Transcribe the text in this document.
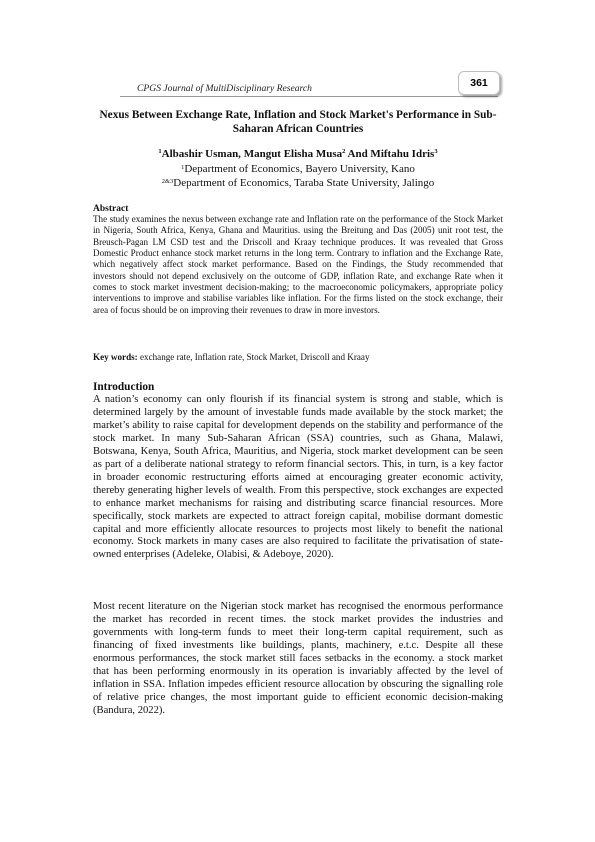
CPGS Journal of MultiDisciplinary Research	361
Nexus Between Exchange Rate, Inflation and Stock Market's Performance in Sub-Saharan African Countries
$^1$Albashir Usman, Mangut Elisha Musa$^2$ And Miftahu Idris$^3$
$^1$Department of Economics, Bayero University, Kano
$^{2\&3}$Department of Economics, Taraba State University, Jalingo
Abstract

The study examines the nexus between exchange rate and Inflation rate on the performance of the Stock Market in Nigeria, South Africa, Kenya, Ghana and Mauritius. using the Breitung and Das (2005) unit root test, the Breusch-Pagan LM CSD test and the Driscoll and Kraay technique produces. It was revealed that Gross Domestic Product enhance stock market returns in the long term. Contrary to inflation and the Exchange Rate, which negatively affect stock market performance. Based on the Findings, the Study recommended that investors should not depend exclusively on the outcome of GDP, inflation Rate, and exchange Rate when it comes to stock market investment decision-making; to the macroeconomic policymakers, appropriate policy interventions to improve and stabilise variables like inflation. For the firms listed on the stock exchange, their area of focus should be on improving their revenues to draw in more investors.

Key words: exchange rate, Inflation rate, Stock Market, Driscoll and Kraay
Introduction

A nation’s economy can only flourish if its financial system is strong and stable, which is determined largely by the amount of investable funds made available by the stock market; the market’s ability to raise capital for development depends on the stability and performance of the stock market. In many Sub-Saharan African (SSA) countries, such as Ghana, Malawi, Botswana, Kenya, South Africa, Mauritius, and Nigeria, stock market development can be seen as part of a deliberate national strategy to reform financial sectors. This, in turn, is a key factor in broader economic restructuring efforts aimed at encouraging greater economic activity, thereby generating higher levels of wealth. From this perspective, stock exchanges are expected to enhance market mechanisms for raising and distributing scarce financial resources. More specifically, stock markets are expected to attract foreign capital, mobilise dormant domestic capital and more efficiently allocate resources to projects most likely to benefit the national economy. Stock markets in many cases are also required to facilitate the privatisation of state-owned enterprises (Adeleke, Olabisi, & Adeboye, 2020).

Most recent literature on the Nigerian stock market has recognised the enormous performance the market has recorded in recent times. the stock market provides the industries and governments with long-term funds to meet their long-term capital requirement, such as financing of fixed investments like buildings, plants, machinery, e.t.c. Despite all these enormous performances, the stock market still faces setbacks in the economy. a stock market that has been performing enormously in its operation is invariably affected by the level of inflation in SSA. Inflation impedes efficient resource allocation by obscuring the signalling role of relative price changes, the most important guide to efficient economic decision-making (Bandura, 2022).
